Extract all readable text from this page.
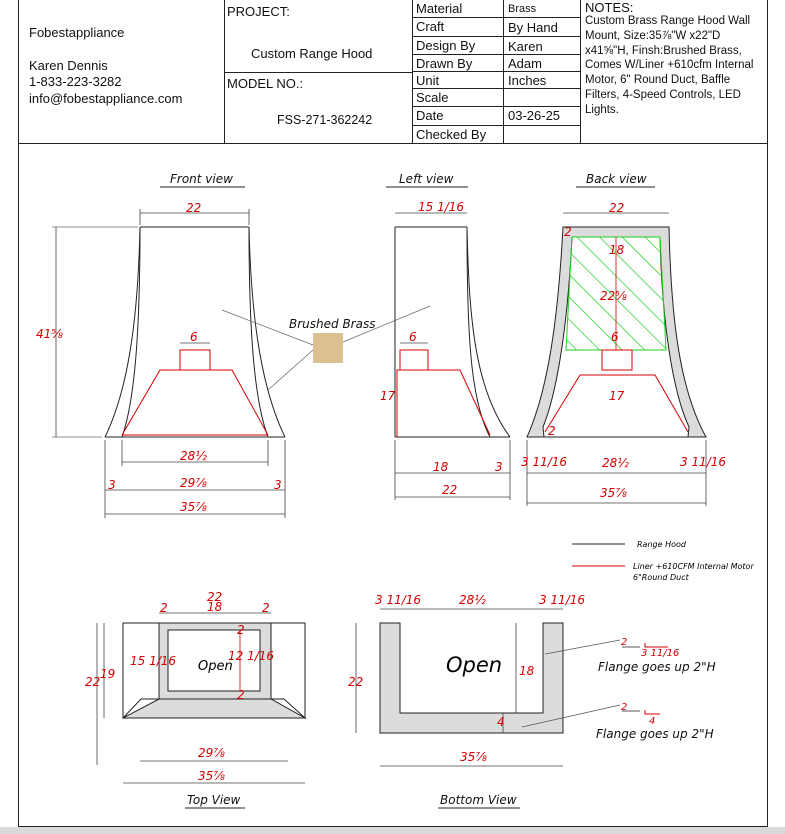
Fobestappliance
Karen Dennis
1-833-223-3282
info@fobestappliance.com
PROJECT:
Custom Range Hood
MODEL NO.:
FSS-271-362242
Material	Brass
Craft	By Hand
Design By	Karen
Drawn By	Adam
Unit	Inches
Scale
Date	03-26-25
Checked By
NOTES:
Custom Brass Range Hood Wall Mount, Size:35⅞"W x22"D x41⅝"H, Finsh:Brushed Brass, Comes W/Liner +610cfm Internal Motor, 6" Round Duct, Baffle Filters, 4-Speed Controls, LED Lights.
Front view	Left view	Back view
Top View	Bottom View
22
41⅝	6
28½
29⅞
35⅞
3	3
Brushed Brass
15 1/16
6
17
18	3
22
22
2
18
22⅝
6
17
2
3 11/16	28½	3 11/16
35⅞
Range Hood
Liner +610CFM Internal Motor
6"Round Duct
22
18
2	2
15 1/16	12 1/16
19
22
2
2
Open
29⅞
35⅞
3 11/16	28½	3 11/16
22
18
4
35⅞
Open
2
3 11/16
Flange goes up 2"H
2
4
Flange goes up 2"H
